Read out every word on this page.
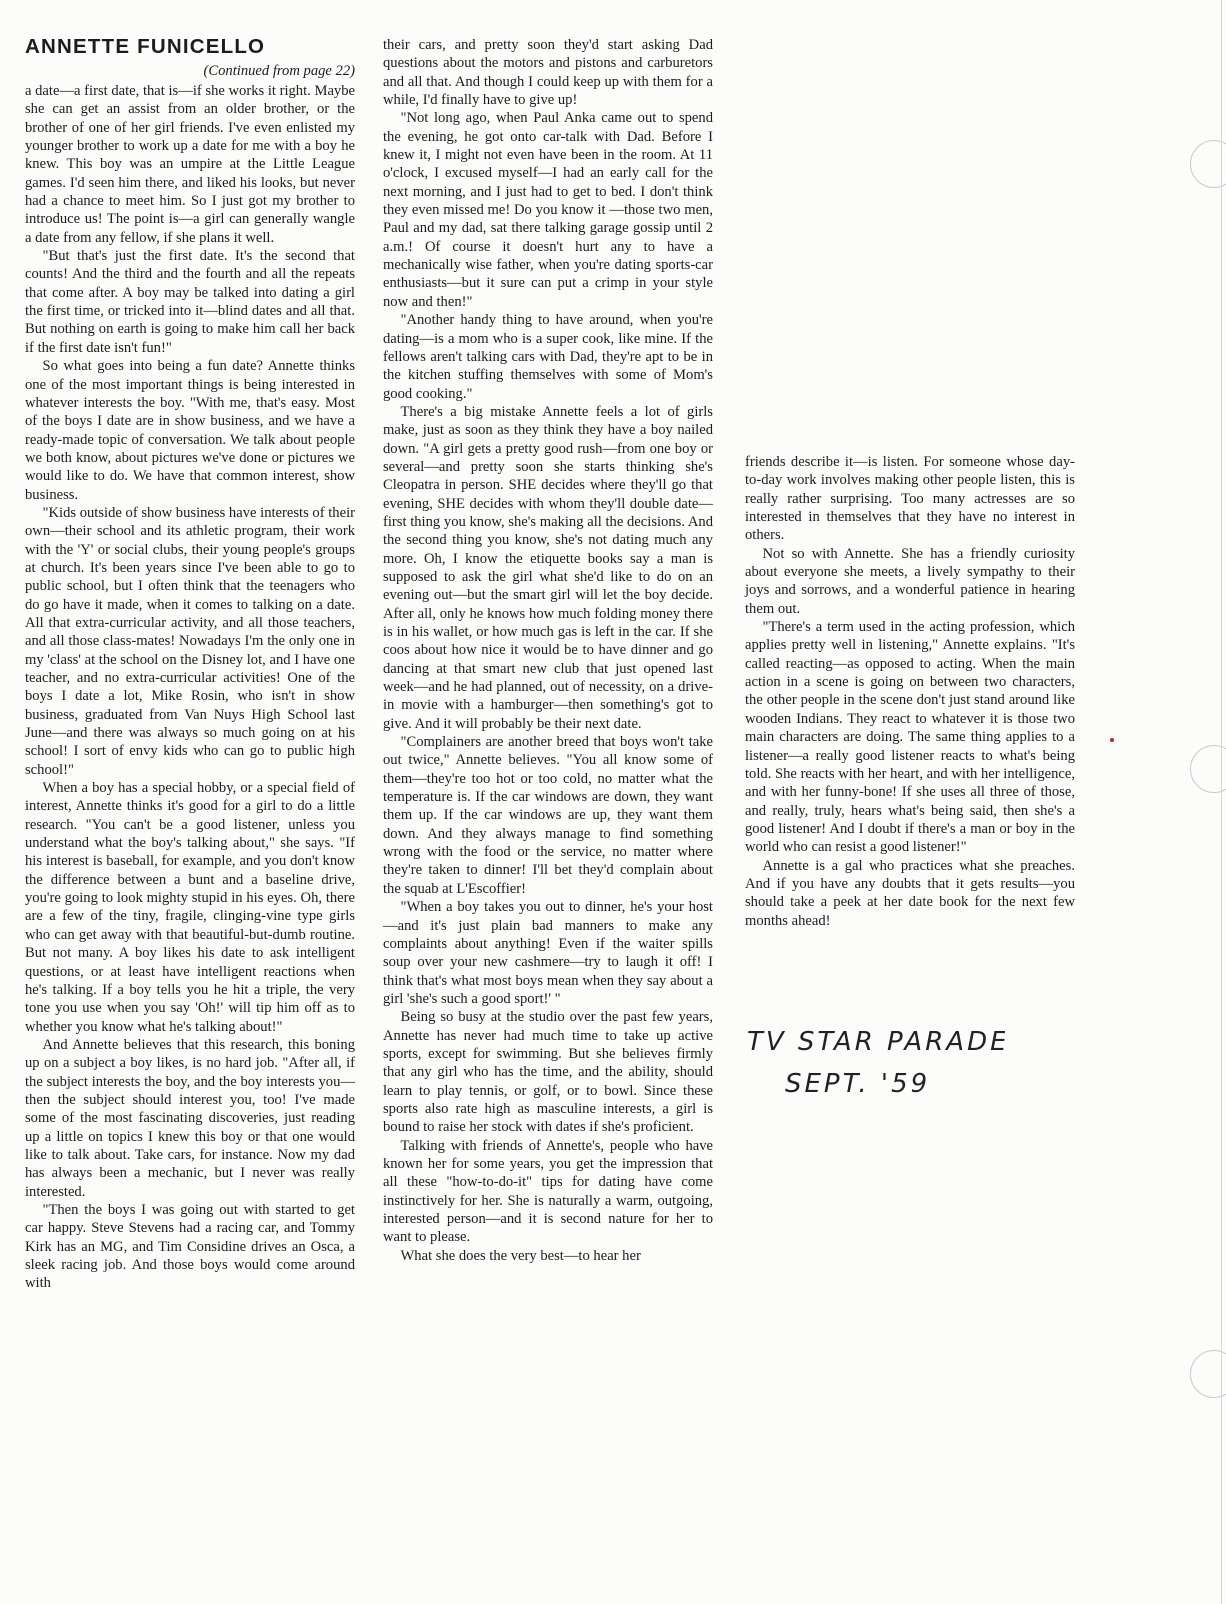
ANNETTE FUNICELLO
(Continued from page 22)

a date—a first date, that is—if she works it right. Maybe she can get an assist from an older brother, or the brother of one of her girl friends. I've even enlisted my younger brother to work up a date for me with a boy he knew. This boy was an umpire at the Little League games. I'd seen him there, and liked his looks, but never had a chance to meet him. So I just got my brother to introduce us! The point is—a girl can generally wangle a date from any fellow, if she plans it well.

"But that's just the first date. It's the second that counts! And the third and the fourth and all the repeats that come after. A boy may be talked into dating a girl the first time, or tricked into it—blind dates and all that. But nothing on earth is going to make him call her back if the first date isn't fun!"

So what goes into being a fun date? Annette thinks one of the most important things is being interested in whatever interests the boy. "With me, that's easy. Most of the boys I date are in show business, and we have a ready-made topic of conversation. We talk about people we both know, about pictures we've done or pictures we would like to do. We have that common interest, show business.

"Kids outside of show business have interests of their own—their school and its athletic program, their work with the 'Y' or social clubs, their young people's groups at church. It's been years since I've been able to go to public school, but I often think that the teenagers who do go have it made, when it comes to talking on a date. All that extra-curricular activity, and all those teachers, and all those class-mates! Nowadays I'm the only one in my 'class' at the school on the Disney lot, and I have one teacher, and no extra-curricular activities! One of the boys I date a lot, Mike Rosin, who isn't in show business, graduated from Van Nuys High School last June—and there was always so much going on at his school! I sort of envy kids who can go to public high school!"

When a boy has a special hobby, or a special field of interest, Annette thinks it's good for a girl to do a little research. "You can't be a good listener, unless you understand what the boy's talking about," she says. "If his interest is baseball, for example, and you don't know the difference between a bunt and a baseline drive, you're going to look mighty stupid in his eyes. Oh, there are a few of the tiny, fragile, clinging-vine type girls who can get away with that beautiful-but-dumb routine. But not many. A boy likes his date to ask intelligent questions, or at least have intelligent reactions when he's talking. If a boy tells you he hit a triple, the very tone you use when you say 'Oh!' will tip him off as to whether you know what he's talking about!"

And Annette believes that this research, this boning up on a subject a boy likes, is no hard job. "After all, if the subject interests the boy, and the boy interests you—then the subject should interest you, too! I've made some of the most fascinating discoveries, just reading up a little on topics I knew this boy or that one would like to talk about. Take cars, for instance. Now my dad has always been a mechanic, but I never was really interested.

"Then the boys I was going out with started to get car happy. Steve Stevens had a racing car, and Tommy Kirk has an MG, and Tim Considine drives an Osca, a sleek racing job. And those boys would come around with

their cars, and pretty soon they'd start asking Dad questions about the motors and pistons and carburetors and all that. And though I could keep up with them for a while, I'd finally have to give up!

"Not long ago, when Paul Anka came out to spend the evening, he got onto car-talk with Dad. Before I knew it, I might not even have been in the room. At 11 o'clock, I excused myself—I had an early call for the next morning, and I just had to get to bed. I don't think they even missed me! Do you know it —those two men, Paul and my dad, sat there talking garage gossip until 2 a.m.! Of course it doesn't hurt any to have a mechanically wise father, when you're dating sports-car enthusiasts—but it sure can put a crimp in your style now and then!"

"Another handy thing to have around, when you're dating—is a mom who is a super cook, like mine. If the fellows aren't talking cars with Dad, they're apt to be in the kitchen stuffing themselves with some of Mom's good cooking."

There's a big mistake Annette feels a lot of girls make, just as soon as they think they have a boy nailed down. "A girl gets a pretty good rush—from one boy or several—and pretty soon she starts thinking she's Cleopatra in person. SHE decides where they'll go that evening, SHE decides with whom they'll double date—first thing you know, she's making all the decisions. And the second thing you know, she's not dating much any more. Oh, I know the etiquette books say a man is supposed to ask the girl what she'd like to do on an evening out—but the smart girl will let the boy decide. After all, only he knows how much folding money there is in his wallet, or how much gas is left in the car. If she coos about how nice it would be to have dinner and go dancing at that smart new club that just opened last week—and he had planned, out of necessity, on a drive-in movie with a hamburger—then something's got to give. And it will probably be their next date.

"Complainers are another breed that boys won't take out twice," Annette believes. "You all know some of them—they're too hot or too cold, no matter what the temperature is. If the car windows are down, they want them up. If the car windows are up, they want them down. And they always manage to find something wrong with the food or the service, no matter where they're taken to dinner! I'll bet they'd complain about the squab at L'Escoffier!

"When a boy takes you out to dinner, he's your host—and it's just plain bad manners to make any complaints about anything! Even if the waiter spills soup over your new cashmere—try to laugh it off! I think that's what most boys mean when they say about a girl 'she's such a good sport!' "

Being so busy at the studio over the past few years, Annette has never had much time to take up active sports, except for swimming. But she believes firmly that any girl who has the time, and the ability, should learn to play tennis, or golf, or to bowl. Since these sports also rate high as masculine interests, a girl is bound to raise her stock with dates if she's proficient.

Talking with friends of Annette's, people who have known her for some years, you get the impression that all these "how-to-do-it" tips for dating have come instinctively for her. She is naturally a warm, outgoing, interested person—and it is second nature for her to want to please.

What she does the very best—to hear her

friends describe it—is listen. For someone whose day-to-day work involves making other people listen, this is really rather surprising. Too many actresses are so interested in themselves that they have no interest in others.

Not so with Annette. She has a friendly curiosity about everyone she meets, a lively sympathy to their joys and sorrows, and a wonderful patience in hearing them out.

"There's a term used in the acting profession, which applies pretty well in listening," Annette explains. "It's called reacting—as opposed to acting. When the main action in a scene is going on between two characters, the other people in the scene don't just stand around like wooden Indians. They react to whatever it is those two main characters are doing. The same thing applies to a listener—a really good listener reacts to what's being told. She reacts with her heart, and with her intelligence, and with her funny-bone! If she uses all three of those, and really, truly, hears what's being said, then she's a good listener! And I doubt if there's a man or boy in the world who can resist a good listener!"

Annette is a gal who practices what she preaches. And if you have any doubts that it gets results—you should take a peek at her date book for the next few months ahead!

TV STAR PARADE
SEPT. '59
